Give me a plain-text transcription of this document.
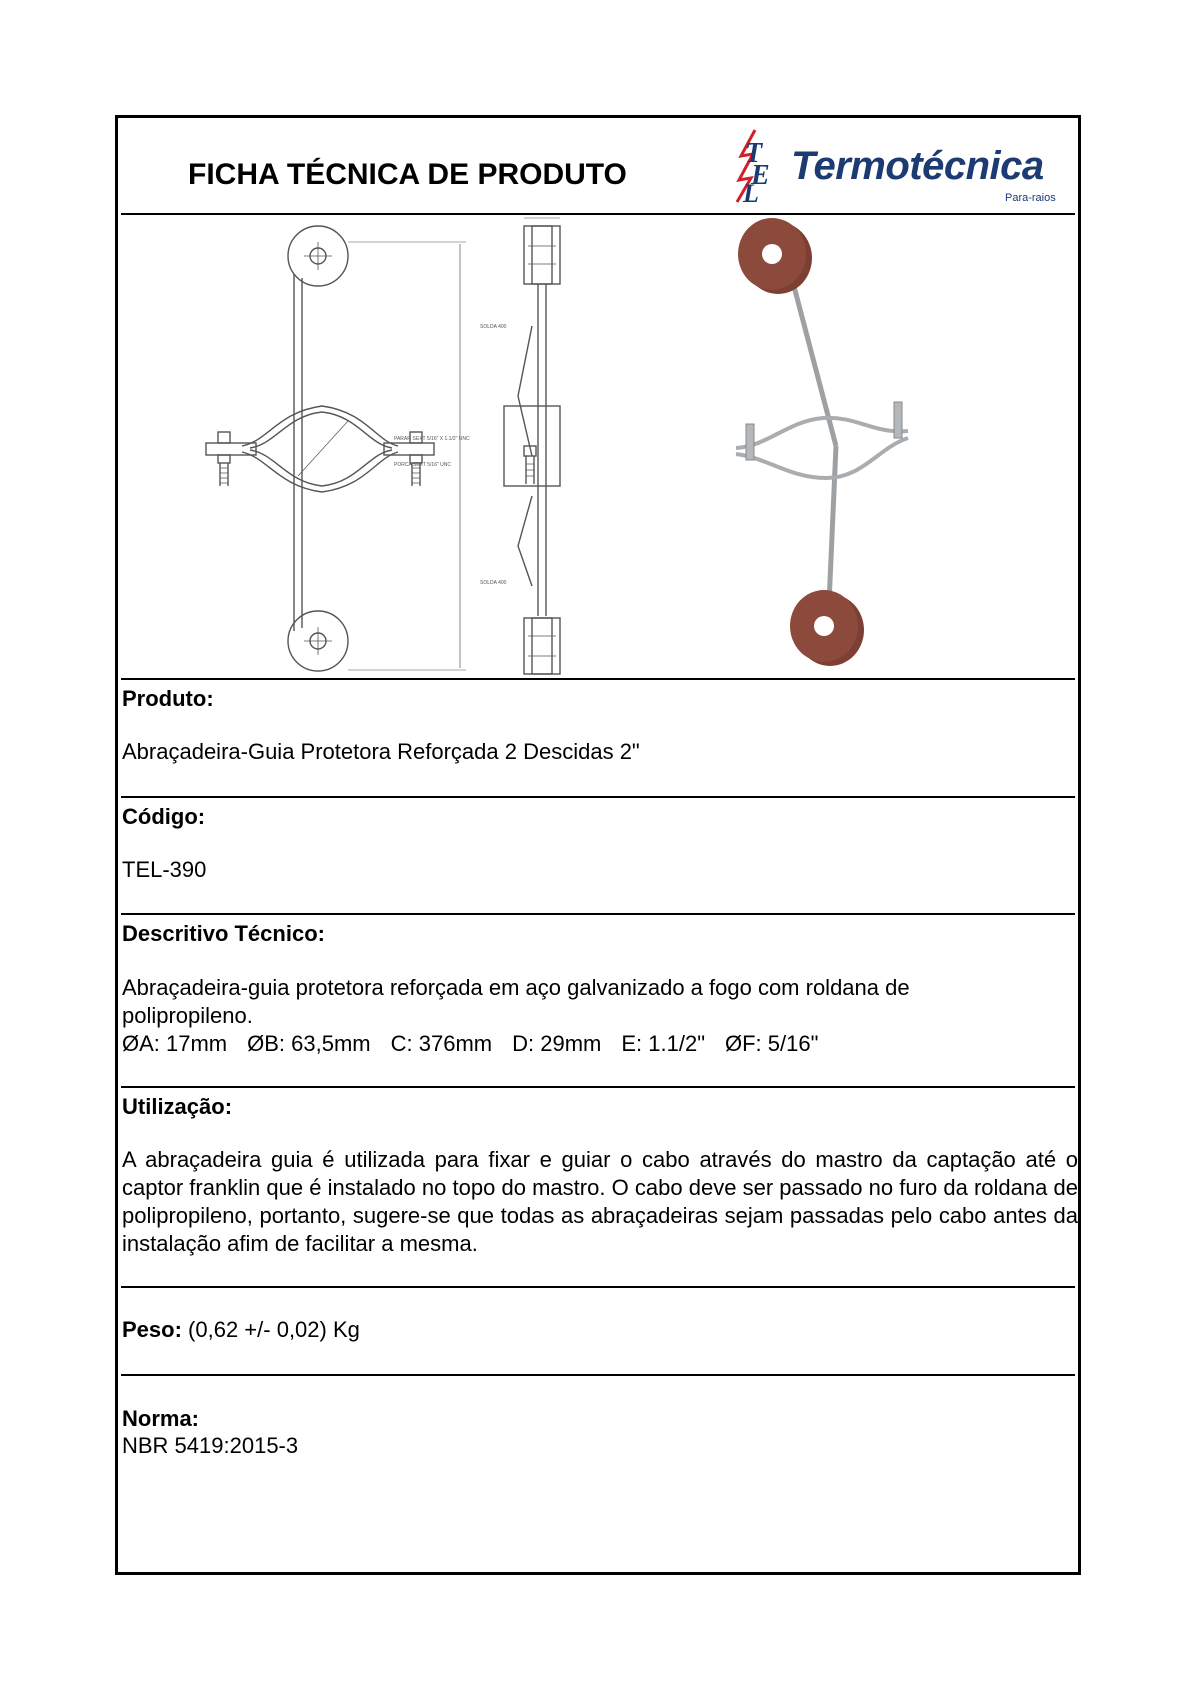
FICHA TÉCNICA DE PRODUTO
T
E
L
Termotécnica
Para-raios
SOLDA 400
PARAF. SEXT 5/16" X 1.1/2" UNC
PORCA SEXT 5/16" UNC
SOLDA 400
Produto:
Abraçadeira-Guia Protetora Reforçada 2 Descidas 2"
Código:
TEL-390
Descritivo Técnico:
Abraçadeira-guia protetora reforçada em aço galvanizado a fogo com roldana de
polipropileno.
ØA: 17mm ØB: 63,5mm C: 376mm D: 29mm E: 1.1/2" ØF: 5/16"
Utilização:
A abraçadeira guia é utilizada para fixar e guiar o cabo através do mastro da captação até o captor franklin que é instalado no topo do mastro. O cabo deve ser passado no furo da roldana de polipropileno, portanto, sugere-se que todas as abraçadeiras sejam passadas pelo cabo antes da instalação afim de facilitar a mesma.
Peso: (0,62 +/- 0,02) Kg
Norma:
NBR 5419:2015-3
